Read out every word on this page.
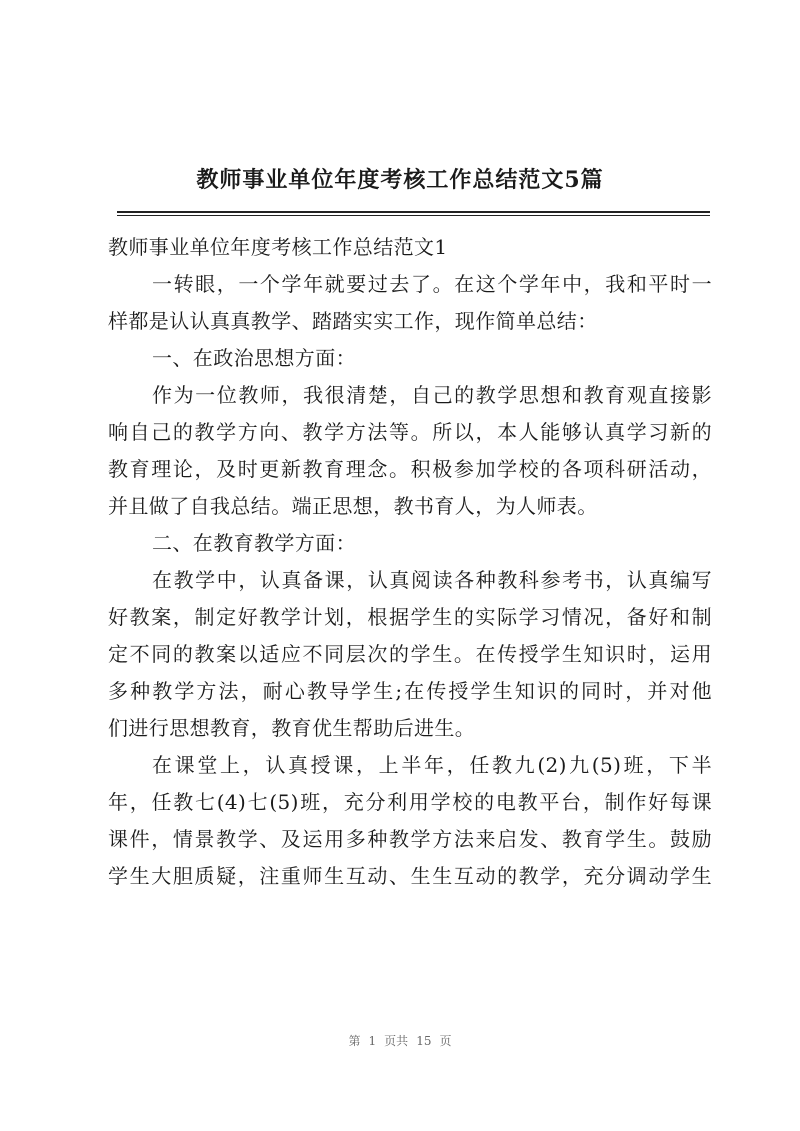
教师事业单位年度考核工作总结范文5篇
教师事业单位年度考核工作总结范文1
一转眼，一个学年就要过去了。在这个学年中，我和平时一
样都是认认真真教学、踏踏实实工作，现作简单总结：
一、在政治思想方面：
作为一位教师，我很清楚，自己的教学思想和教育观直接影
响自己的教学方向、教学方法等。所以，本人能够认真学习新的
教育理论，及时更新教育理念。积极参加学校的各项科研活动，
并且做了自我总结。端正思想，教书育人，为人师表。
二、在教育教学方面：
在教学中，认真备课，认真阅读各种教科参考书，认真编写
好教案，制定好教学计划，根据学生的实际学习情况，备好和制
定不同的教案以适应不同层次的学生。在传授学生知识时，运用
多种教学方法，耐心教导学生;在传授学生知识的同时，并对他
们进行思想教育，教育优生帮助后进生。
在课堂上，认真授课，上半年，任教九(2)九(5)班，下半
年，任教七(4)七(5)班，充分利用学校的电教平台，制作好每课
课件，情景教学、及运用多种教学方法来启发、教育学生。鼓励
学生大胆质疑，注重师生互动、生生互动的教学，充分调动学生
第 1 页共 15 页
